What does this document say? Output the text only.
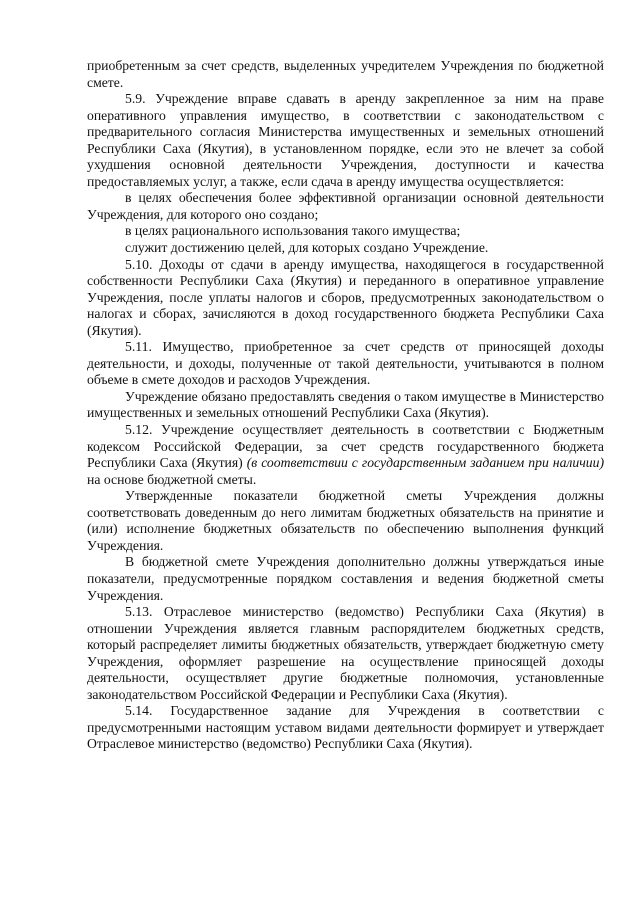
приобретенным за счет средств, выделенных учредителем Учреждения по бюджетной смете.

5.9. Учреждение вправе сдавать в аренду закрепленное за ним на праве оперативного управления имущество, в соответствии с законодательством с предварительного согласия Министерства имущественных и земельных отношений Республики Саха (Якутия), в установленном порядке, если это не влечет за собой ухудшения основной деятельности Учреждения, доступности и качества предоставляемых услуг, а также, если сдача в аренду имущества осуществляется:

в целях обеспечения более эффективной организации основной деятельности Учреждения, для которого оно создано;

в целях рационального использования такого имущества;

служит достижению целей, для которых создано Учреждение.

5.10. Доходы от сдачи в аренду имущества, находящегося в государственной собственности Республики Саха (Якутия) и переданного в оперативное управление Учреждения, после уплаты налогов и сборов, предусмотренных законодательством о налогах и сборах, зачисляются в доход государственного бюджета Республики Саха (Якутия).

5.11. Имущество, приобретенное за счет средств от приносящей доходы деятельности, и доходы, полученные от такой деятельности, учитываются в полном объеме в смете доходов и расходов Учреждения.

Учреждение обязано предоставлять сведения о таком имуществе в Министерство имущественных и земельных отношений Республики Саха (Якутия).

5.12. Учреждение осуществляет деятельность в соответствии с Бюджетным кодексом Российской Федерации, за счет средств государственного бюджета Республики Саха (Якутия) (в соответствии с государственным заданием при наличии) на основе бюджетной сметы.

Утвержденные показатели бюджетной сметы Учреждения должны соответствовать доведенным до него лимитам бюджетных обязательств на принятие и (или) исполнение бюджетных обязательств по обеспечению выполнения функций Учреждения.

В бюджетной смете Учреждения дополнительно должны утверждаться иные показатели, предусмотренные порядком составления и ведения бюджетной сметы Учреждения.

5.13. Отраслевое министерство (ведомство) Республики Саха (Якутия) в отношении Учреждения является главным распорядителем бюджетных средств, который распределяет лимиты бюджетных обязательств, утверждает бюджетную смету Учреждения, оформляет разрешение на осуществление приносящей доходы деятельности, осуществляет другие бюджетные полномочия, установленные законодательством Российской Федерации и Республики Саха (Якутия).

5.14. Государственное задание для Учреждения в соответствии с предусмотренными настоящим уставом видами деятельности формирует и утверждает Отраслевое министерство (ведомство) Республики Саха (Якутия).
